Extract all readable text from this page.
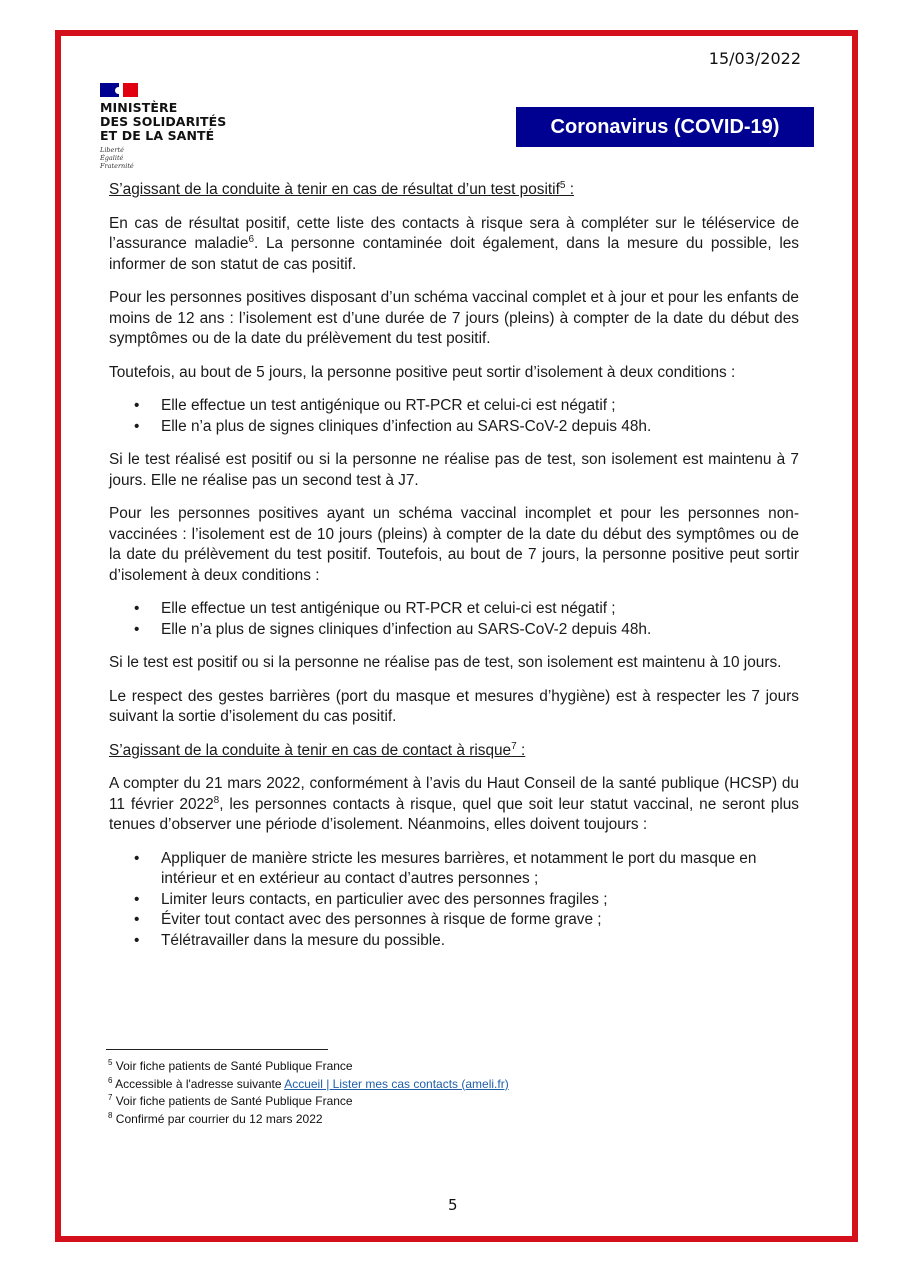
15/03/2022
MINISTÈRE
DES SOLIDARITÉS
ET DE LA SANTÉ
Liberté
Égalité
Fraternité
Coronavirus (COVID-19)

S’agissant de la conduite à tenir en cas de résultat d’un test positif$^5$ :

En cas de résultat positif, cette liste des contacts à risque sera à compléter sur le téléservice de l’assurance maladie$^6$. La personne contaminée doit également, dans la mesure du possible, les informer de son statut de cas positif.

Pour les personnes positives disposant d’un schéma vaccinal complet et à jour et pour les enfants de moins de 12 ans : l’isolement est d’une durée de 7 jours (pleins) à compter de la date du début des symptômes ou de la date du prélèvement du test positif.

Toutefois, au bout de 5 jours, la personne positive peut sortir d’isolement à deux conditions :

• Elle effectue un test antigénique ou RT-PCR et celui-ci est négatif ;
• Elle n’a plus de signes cliniques d’infection au SARS-CoV-2 depuis 48h.

Si le test réalisé est positif ou si la personne ne réalise pas de test, son isolement est maintenu à 7 jours. Elle ne réalise pas un second test à J7.

Pour les personnes positives ayant un schéma vaccinal incomplet et pour les personnes non-vaccinées : l’isolement est de 10 jours (pleins) à compter de la date du début des symptômes ou de la date du prélèvement du test positif. Toutefois, au bout de 7 jours, la personne positive peut sortir d’isolement à deux conditions :

• Elle effectue un test antigénique ou RT-PCR et celui-ci est négatif ;
• Elle n’a plus de signes cliniques d’infection au SARS-CoV-2 depuis 48h.

Si le test est positif ou si la personne ne réalise pas de test, son isolement est maintenu à 10 jours.

Le respect des gestes barrières (port du masque et mesures d’hygiène) est à respecter les 7 jours suivant la sortie d’isolement du cas positif.

S’agissant de la conduite à tenir en cas de contact à risque$^7$ :

A compter du 21 mars 2022, conformément à l’avis du Haut Conseil de la santé publique (HCSP) du 11 février 2022$^8$, les personnes contacts à risque, quel que soit leur statut vaccinal, ne seront plus tenues d’observer une période d’isolement. Néanmoins, elles doivent toujours :

• Appliquer de manière stricte les mesures barrières, et notamment le port du masque en intérieur et en extérieur au contact d’autres personnes ;
• Limiter leurs contacts, en particulier avec des personnes fragiles ;
• Éviter tout contact avec des personnes à risque de forme grave ;
• Télétravailler dans la mesure du possible.
$^5$ Voir fiche patients de Santé Publique France
$^6$ Accessible à l'adresse suivante Accueil | Lister mes cas contacts (ameli.fr)
$^7$ Voir fiche patients de Santé Publique France
$^8$ Confirmé par courrier du 12 mars 2022
5
